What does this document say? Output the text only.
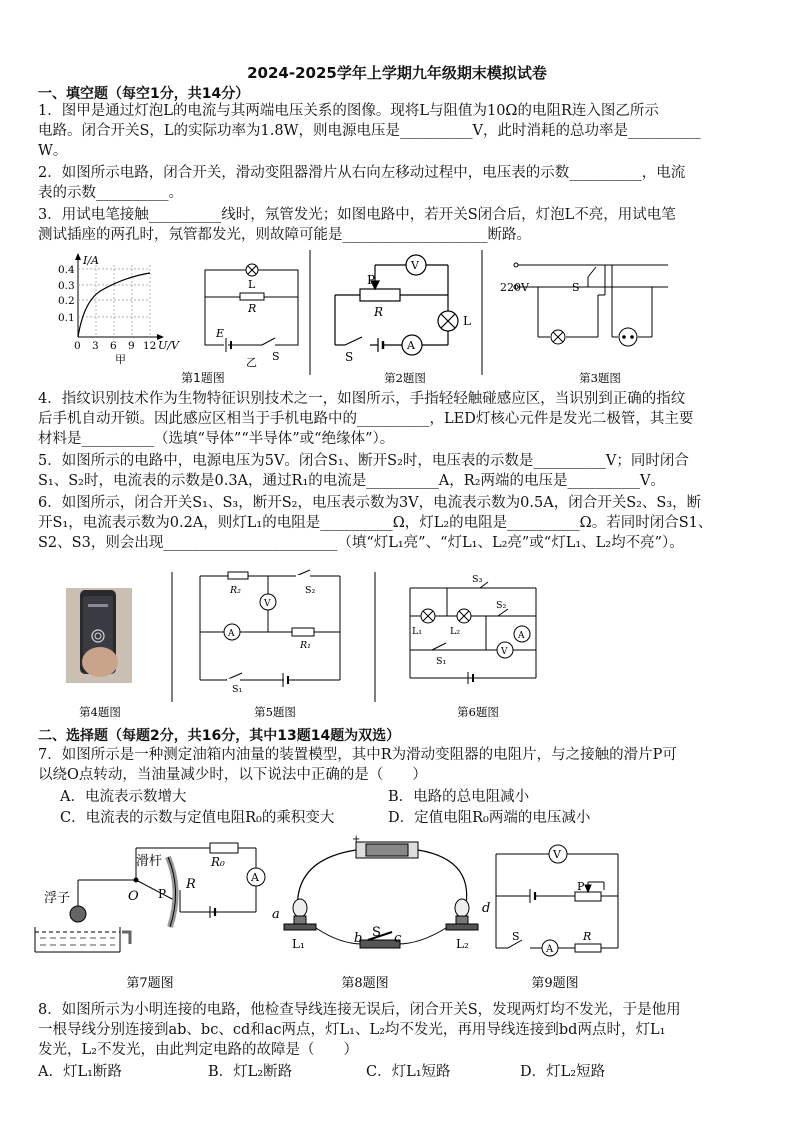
2024-2025学年上学期九年级期末模拟试卷
一、填空题（每空1分，共14分）
1．图甲是通过灯泡L的电流与其两端电压关系的图像。现将L与阻值为10Ω的电阻R连入图乙所示
电路。闭合开关S，L的实际功率为1.8W，则电源电压是__________V，此时消耗的总功率是__________
W。
2．如图所示电路，闭合开关，滑动变阻器滑片从右向左移动过程中，电压表的示数__________，电流
表的示数__________。
3．用试电笔接触__________线时，氖管发光；如图电路中，若开关S闭合后，灯泡L不亮，用试电笔
测试插座的两孔时，氖管都发光，则故障可能是____________________断路。
I/A
0.4
0.3
0.2
0.1
0 3 6 9 12 U/V
甲
L
R
E
S
乙
P
R
V
A
L
S
220V	S
第1题图	第2题图	第3题图
4．指纹识别技术作为生物特征识别技术之一，如图所示，手指轻轻触碰感应区，当识别到正确的指纹
后手机自动开锁。因此感应区相当于手机电路中的__________，LED灯核心元件是发光二极管，其主要
材料是__________（选填“导体”“半导体”或“绝缘体”）。
5．如图所示的电路中，电源电压为5V。闭合S₁、断开S₂时，电压表的示数是__________V；同时闭合
S₁、S₂时，电流表的示数是0.3A，通过R₁的电流是__________A，R₂两端的电压是__________V。
6．如图所示，闭合开关S₁、S₃，断开S₂，电压表示数为3V，电流表示数为0.5A，闭合开关S₂、S₃，断
开S₁，电流表示数为0.2A，则灯L₁的电阻是__________Ω，灯L₂的电阻是__________Ω。若同时闭合S1、
S2、S3，则会出现________________________（填“灯L₁亮”、“灯L₁、L₂亮”或“灯L₁、L₂均不亮”）。
R₂	S₂
V
A
R₁
S₁
S₃
L₁	L₂
S₂
A
V
S₁
第4题图	第5题图	第6题图
二、选择题（每题2分，共16分，其中13题14题为双选）
7．如图所示是一种测定油箱内油量的装置模型，其中R为滑动变阻器的电阻片，与之接触的滑片P可
以绕O点转动，当油量减少时，以下说法中正确的是（　　）
A．电流表示数增大	B．电路的总电阻减小
C．电流表的示数与定值电阻R₀的乘积变大	D．定值电阻R₀两端的电压减小
滑杆
浮子	O P
R
R₀
A
+
a
b S c
d
L₁	L₂
V
P
S
A
R
第7题图	第8题图	第9题图
8．如图所示为小明连接的电路，他检查导线连接无误后，闭合开关S，发现两灯均不发光，于是他用
一根导线分别连接到ab、bc、cd和ac两点，灯L₁、L₂均不发光，再用导线连接到bd两点时，灯L₁
发光，L₂不发光，由此判定电路的故障是（　　）
A．灯L₁断路	B．灯L₂断路	C．灯L₁短路	D．灯L₂短路
